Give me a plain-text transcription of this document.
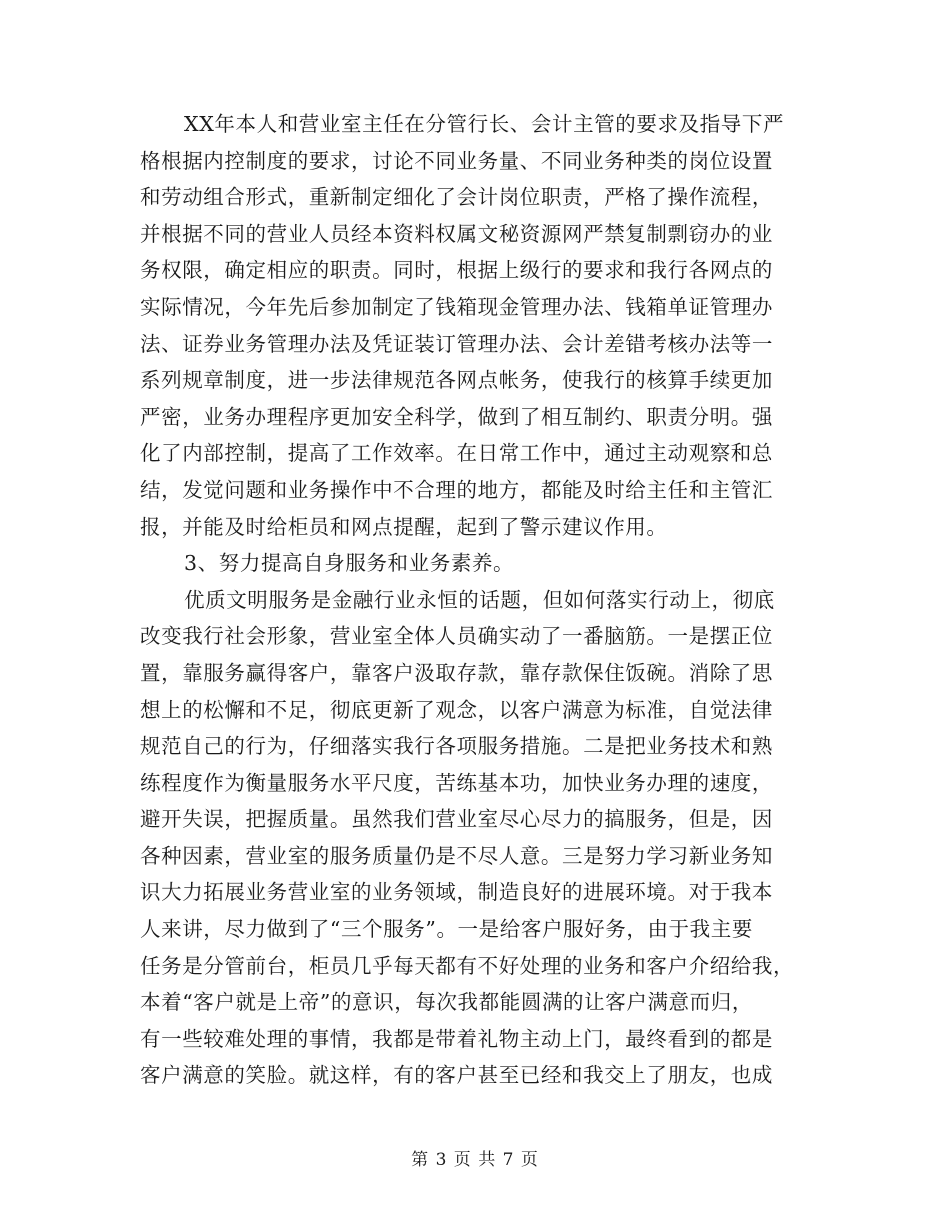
XX年本人和营业室主任在分管行长、会计主管的要求及指导下严
格根据内控制度的要求，讨论不同业务量、不同业务种类的岗位设置
和劳动组合形式，重新制定细化了会计岗位职责，严格了操作流程，
并根据不同的营业人员经本资料权属文秘资源网严禁复制剽窃办的业
务权限，确定相应的职责。同时，根据上级行的要求和我行各网点的
实际情况，今年先后参加制定了钱箱现金管理办法、钱箱单证管理办
法、证券业务管理办法及凭证装订管理办法、会计差错考核办法等一
系列规章制度，进一步法律规范各网点帐务，使我行的核算手续更加
严密，业务办理程序更加安全科学，做到了相互制约、职责分明。强
化了内部控制，提高了工作效率。在日常工作中，通过主动观察和总
结，发觉问题和业务操作中不合理的地方，都能及时给主任和主管汇
报，并能及时给柜员和网点提醒，起到了警示建议作用。
3、努力提高自身服务和业务素养。
优质文明服务是金融行业永恒的话题，但如何落实行动上，彻底
改变我行社会形象，营业室全体人员确实动了一番脑筋。一是摆正位
置，靠服务赢得客户，靠客户汲取存款，靠存款保住饭碗。消除了思
想上的松懈和不足，彻底更新了观念，以客户满意为标准，自觉法律
规范自己的行为，仔细落实我行各项服务措施。二是把业务技术和熟
练程度作为衡量服务水平尺度，苦练基本功，加快业务办理的速度，
避开失误，把握质量。虽然我们营业室尽心尽力的搞服务，但是，因
各种因素，营业室的服务质量仍是不尽人意。三是努力学习新业务知
识大力拓展业务营业室的业务领域，制造良好的进展环境。对于我本
人来讲，尽力做到了“三个服务”。一是给客户服好务，由于我主要
任务是分管前台，柜员几乎每天都有不好处理的业务和客户介绍给我，
本着“客户就是上帝”的意识，每次我都能圆满的让客户满意而归，
有一些较难处理的事情，我都是带着礼物主动上门，最终看到的都是
客户满意的笑脸。就这样，有的客户甚至已经和我交上了朋友，也成
第 3 页 共 7 页
